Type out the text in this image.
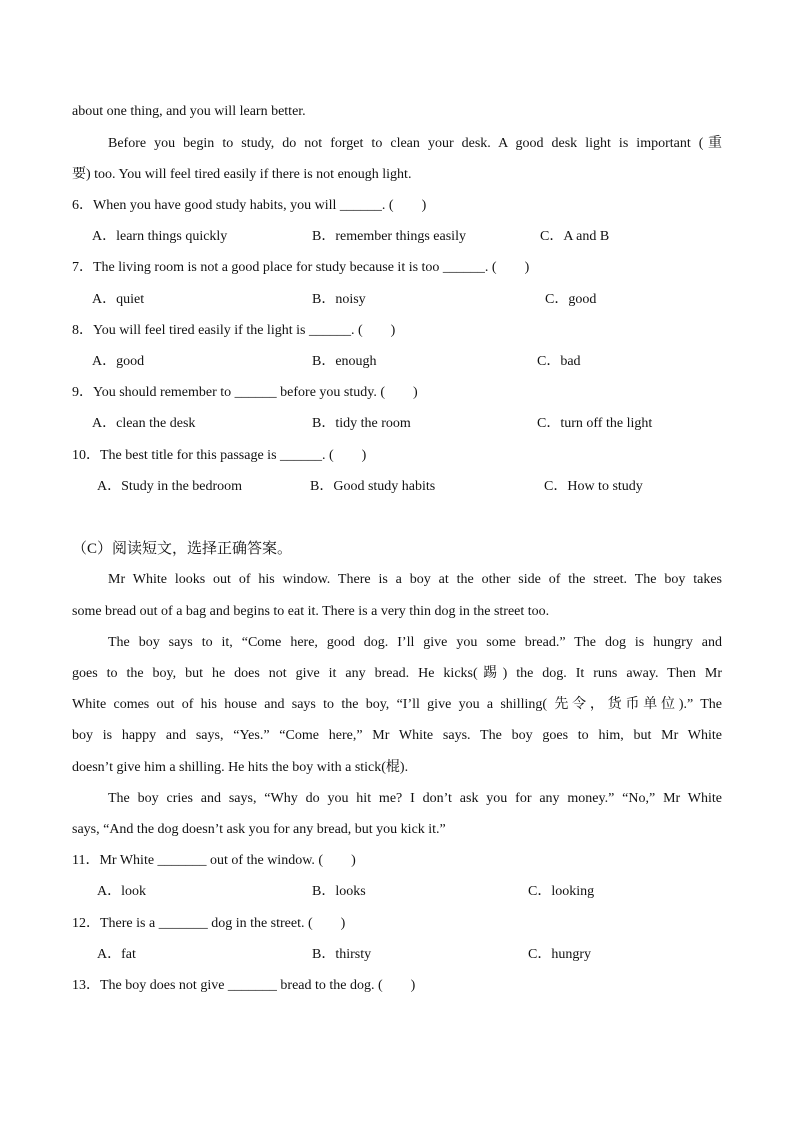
about one thing, and you will learn better.
Before you begin to study, do not forget to clean your desk. A good desk light is important (重
要) too. You will feel tired easily if there is not enough light.
6．When you have good study habits, you will ______. (　　)
A．learn things quickly	B．remember things easily	C．A and B
7．The living room is not a good place for study because it is too ______. (　　)
A．quiet	B．noisy	C．good
8．You will feel tired easily if the light is ______. (　　)
A．good	B．enough	C．bad
9．You should remember to ______ before you study. (　　)
A．clean the desk	B．tidy the room	C．turn off the light
10．The best title for this passage is ______. (　　)
A．Study in the bedroom	B．Good study habits	C．How to study
（C）阅读短文，选择正确答案。
Mr White looks out of his window. There is a boy at the other side of the street. The boy takes
some bread out of a bag and begins to eat it. There is a very thin dog in the street too.
The boy says to it, “Come here, good dog. I’ll give you some bread.” The dog is hungry and
goes to the boy, but he does not give it any bread. He kicks(踢) the dog. It runs away. Then Mr
White comes out of his house and says to the boy, “I’ll give you a shilling( 先令，货币单位).” The
boy is happy and says, “Yes.” “Come here,” Mr White says. The boy goes to him, but Mr White
doesn’t give him a shilling. He hits the boy with a stick(棍).
The boy cries and says, “Why do you hit me? I don’t ask you for any money.” “No,” Mr White
says, “And the dog doesn’t ask you for any bread, but you kick it.”
11．Mr White _______ out of the window. (　　)
A．look	B．looks	C．looking
12．There is a _______ dog in the street. (　　)
A．fat	B．thirsty	C．hungry
13．The boy does not give _______ bread to the dog. (　　)
